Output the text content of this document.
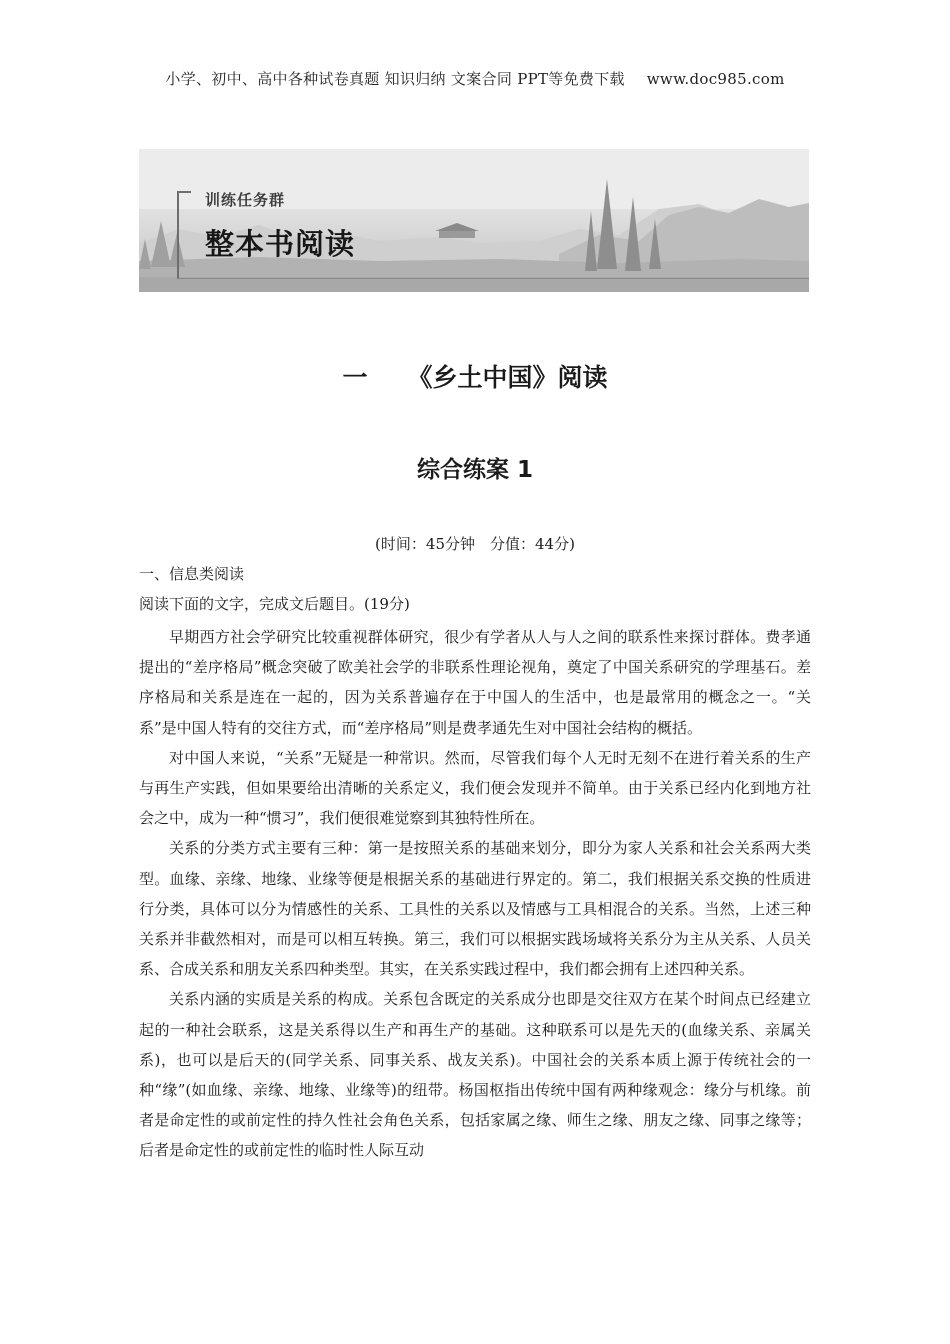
小学、初中、高中各种试卷真题 知识归纳 文案合同 PPT等免费下载 www.doc985.com
训练任务群
整本书阅读
一 《乡土中国》阅读
综合练案 1
(时间：45分钟　分值：44分)
一、信息类阅读
阅读下面的文字，完成文后题目。(19分)

早期西方社会学研究比较重视群体研究，很少有学者从人与人之间的联系性来探讨群体。费孝通提出的“差序格局”概念突破了欧美社会学的非联系性理论视角，奠定了中国关系研究的学理基石。差序格局和关系是连在一起的，因为关系普遍存在于中国人的生活中，也是最常用的概念之一。“关系”是中国人特有的交往方式，而“差序格局”则是费孝通先生对中国社会结构的概括。

对中国人来说，“关系”无疑是一种常识。然而，尽管我们每个人无时无刻不在进行着关系的生产与再生产实践，但如果要给出清晰的关系定义，我们便会发现并不简单。由于关系已经内化到地方社会之中，成为一种“惯习”，我们便很难觉察到其独特性所在。

关系的分类方式主要有三种：第一是按照关系的基础来划分，即分为家人关系和社会关系两大类型。血缘、亲缘、地缘、业缘等便是根据关系的基础进行界定的。第二，我们根据关系交换的性质进行分类，具体可以分为情感性的关系、工具性的关系以及情感与工具相混合的关系。当然，上述三种关系并非截然相对，而是可以相互转换。第三，我们可以根据实践场域将关系分为主从关系、人员关系、合成关系和朋友关系四种类型。其实，在关系实践过程中，我们都会拥有上述四种关系。

关系内涵的实质是关系的构成。关系包含既定的关系成分也即是交往双方在某个时间点已经建立起的一种社会联系，这是关系得以生产和再生产的基础。这种联系可以是先天的(血缘关系、亲属关系)，也可以是后天的(同学关系、同事关系、战友关系)。中国社会的关系本质上源于传统社会的一种“缘”(如血缘、亲缘、地缘、业缘等)的纽带。杨国枢指出传统中国有两种缘观念：缘分与机缘。前者是命定性的或前定性的持久性社会角色关系，包括家属之缘、师生之缘、朋友之缘、同事之缘等；后者是命定性的或前定性的临时性人际互动
